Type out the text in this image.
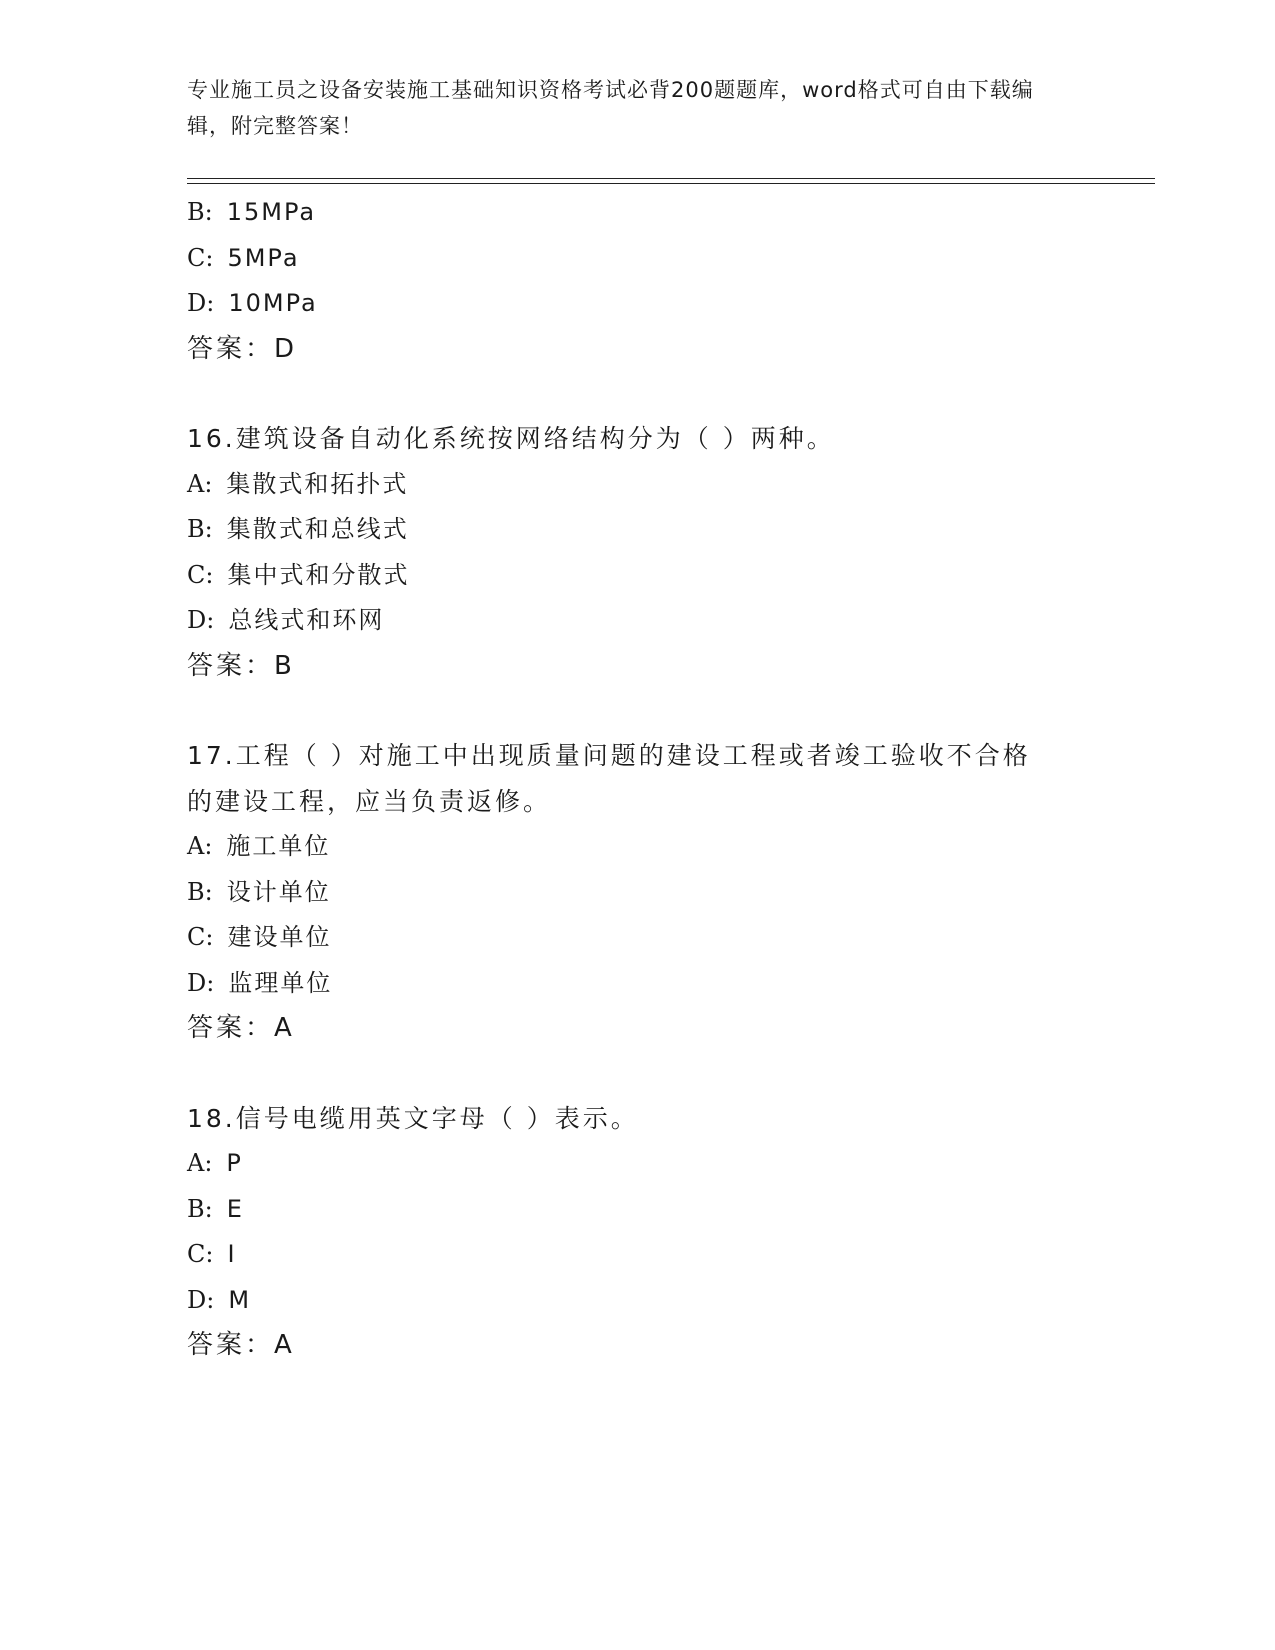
专业施工员之设备安装施工基础知识资格考试必背200题题库，word格式可自由下载编辑，附完整答案！
B: 15MPa
C: 5MPa
D: 10MPa
答案：D
16.建筑设备自动化系统按网络结构分为（ ）两种。
A: 集散式和拓扑式
B: 集散式和总线式
C: 集中式和分散式
D: 总线式和环网
答案：B
17.工程（ ）对施工中出现质量问题的建设工程或者竣工验收不合格的建设工程，应当负责返修。
A: 施工单位
B: 设计单位
C: 建设单位
D: 监理单位
答案：A
18.信号电缆用英文字母（ ）表示。
A: P
B: E
C: I
D: M
答案：A
